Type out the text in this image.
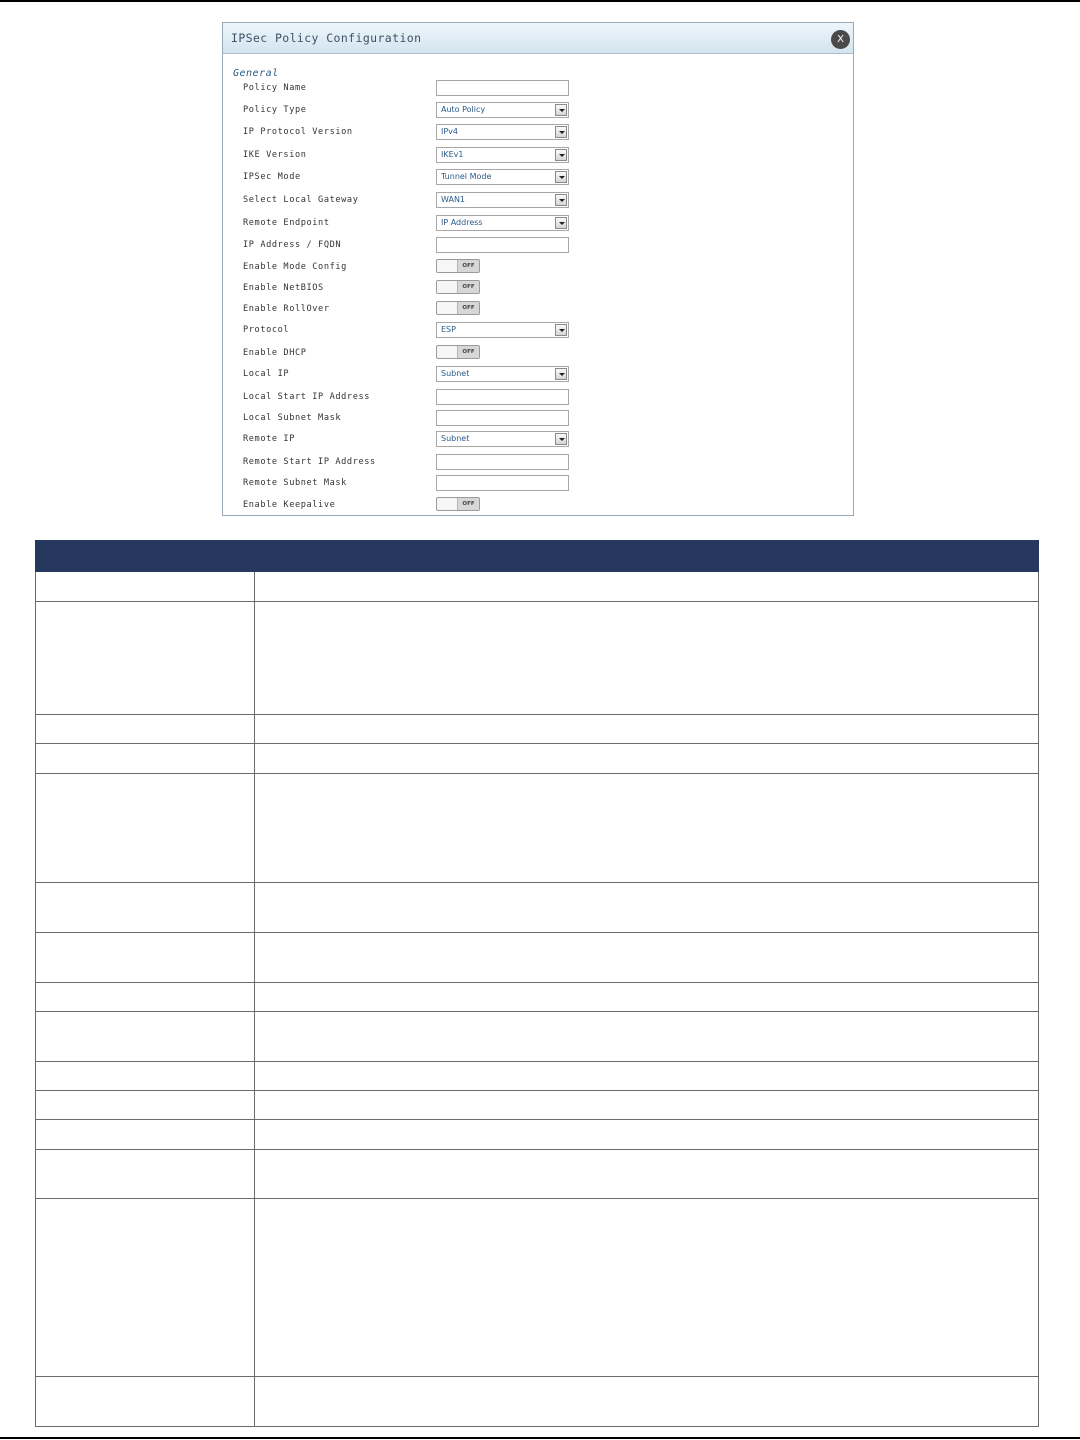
IPSec Policy Configuration	X
General
Policy Name
Policy Type	Auto Policy
IP Protocol Version	IPv4
IKE Version	IKEv1
IPSec Mode	Tunnel Mode
Select Local Gateway	WAN1
Remote Endpoint	IP Address
IP Address / FQDN
Enable Mode Config	OFF
Enable NetBIOS	OFF
Enable RollOver	OFF
Protocol	ESP
Enable DHCP	OFF
Local IP	Subnet
Local Start IP Address
Local Subnet Mask
Remote IP	Subnet
Remote Start IP Address
Remote Subnet Mask
Enable Keepalive	OFF
